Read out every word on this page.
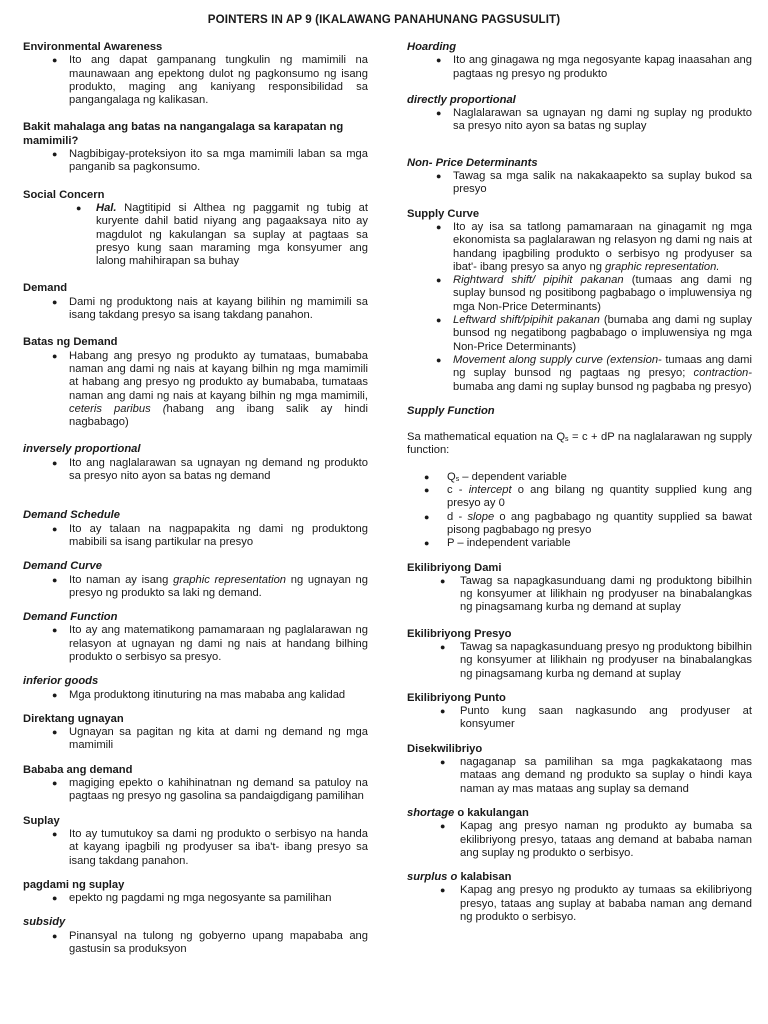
POINTERS IN AP 9 (IKALAWANG PANAHUNANG PAGSUSULIT)

Environmental Awareness

● Ito ang dapat gampanang tungkulin ng mamimili na maunawaan ang epektong dulot ng pagkonsumo ng isang produkto, maging ang kaniyang responsibilidad sa pangangalaga ng kalikasan.

Bakit mahalaga ang batas na nangangalaga sa karapatan ng mamimili?

● Nagbibigay-proteksiyon ito sa mga mamimili laban sa mga panganib sa pagkonsumo.

Social Concern

● Hal. Nagtitipid si Althea ng paggamit ng tubig at kuryente dahil batid niyang ang pagaaksaya nito ay magdulot ng kakulangan sa suplay at pagtaas sa presyo kung saan maraming mga konsyumer ang lalong mahihirapan sa buhay

Demand

● Dami ng produktong nais at kayang bilihin ng mamimili sa isang takdang presyo sa isang takdang panahon.

Batas ng Demand

● Habang ang presyo ng produkto ay tumataas, bumababa naman ang dami ng nais at kayang bilhin ng mga mamimili at habang ang presyo ng produkto ay bumababa, tumataas naman ang dami ng nais at kayang bilhin ng mga mamimili, ceteris paribus (habang ang ibang salik ay hindi nagbabago)

inversely proportional

● Ito ang naglalarawan sa ugnayan ng demand ng produkto sa presyo nito ayon sa batas ng demand

Demand Schedule

● Ito ay talaan na nagpapakita ng dami ng produktong mabibili sa isang partikular na presyo

Demand Curve

● Ito naman ay isang graphic representation ng ugnayan ng presyo ng produkto sa laki ng demand.

Demand Function

● Ito ay ang matematikong pamamaraan ng paglalarawan ng relasyon at ugnayan ng dami ng nais at handang bilhing produkto o serbisyo sa presyo.

inferior goods

● Mga produktong itinuturing na mas mababa ang kalidad

Direktang ugnayan

● Ugnayan sa pagitan ng kita at dami ng demand ng mga mamimili

Bababa ang demand

● magiging epekto o kahihinatnan ng demand sa patuloy na pagtaas ng presyo ng gasolina sa pandaigdigang pamilihan

Suplay

● Ito ay tumutukoy sa dami ng produkto o serbisyo na handa at kayang ipagbili ng prodyuser sa iba't- ibang presyo sa isang takdang panahon.

pagdami ng suplay

● epekto ng pagdami ng mga negosyante sa pamilihan

subsidy

● Pinansyal na tulong ng gobyerno upang mapababa ang gastusin sa produksyon

Hoarding

● Ito ang ginagawa ng mga negosyante kapag inaasahan ang pagtaas ng presyo ng produkto

directly proportional

● Naglalarawan sa ugnayan ng dami ng suplay ng produkto sa presyo nito ayon sa batas ng suplay

Non- Price Determinants

● Tawag sa mga salik na nakakaapekto sa suplay bukod sa presyo

Supply Curve

● Ito ay isa sa tatlong pamamaraan na ginagamit ng mga ekonomista sa paglalarawan ng relasyon ng dami ng nais at handang ipagbiling produkto o serbisyo ng prodyuser sa ibat'- ibang presyo sa anyo ng graphic representation.

● Rightward shift/ pipihit pakanan (tumaas ang dami ng suplay bunsod ng positibong pagbabago o impluwensiya ng mga Non-Price Determinants)

● Leftward shift/pipihit pakanan (bumaba ang dami ng suplay bunsod ng negatibong pagbabago o impluwensiya ng mga Non-Price Determinants)

● Movement along supply curve (extension- tumaas ang dami ng suplay bunsod ng pagtaas ng presyo; contraction- bumaba ang dami ng suplay bunsod ng pagbaba ng presyo)

Supply Function

Sa mathematical equation na $Q_s = c$ + dP na naglalarawan ng supply function:

● $Q_s$ – dependent variable

● c - intercept o ang bilang ng quantity supplied kung ang presyo ay 0

● d - slope o ang pagbabago ng quantity supplied sa bawat pisong pagbabago ng presyo

● P – independent variable

Ekilibriyong Dami

● Tawag sa napagkasunduang dami ng produktong bibilhin ng konsyumer at lilikhain ng prodyuser na binabalangkas ng pinagsamang kurba ng demand at suplay

Ekilibriyong Presyo

● Tawag sa napagkasunduang presyo ng produktong bibilhin ng konsyumer at lilikhain ng prodyuser na binabalangkas ng pinagsamang kurba ng demand at suplay

Ekilibriyong Punto

● Punto kung saan nagkasundo ang prodyuser at konsyumer

Disekwilibriyo

● nagaganap sa pamilihan sa mga pagkakataong mas mataas ang demand ng produkto sa suplay o hindi kaya naman ay mas mataas ang suplay sa demand

shortage o kakulangan

● Kapag ang presyo naman ng produkto ay bumaba sa ekilibriyong presyo, tataas ang demand at bababa naman ang suplay ng produkto o serbisyo.

surplus o kalabisan

● Kapag ang presyo ng produkto ay tumaas sa ekilibriyong presyo, tataas ang suplay at bababa naman ang demand ng produkto o serbisyo.
